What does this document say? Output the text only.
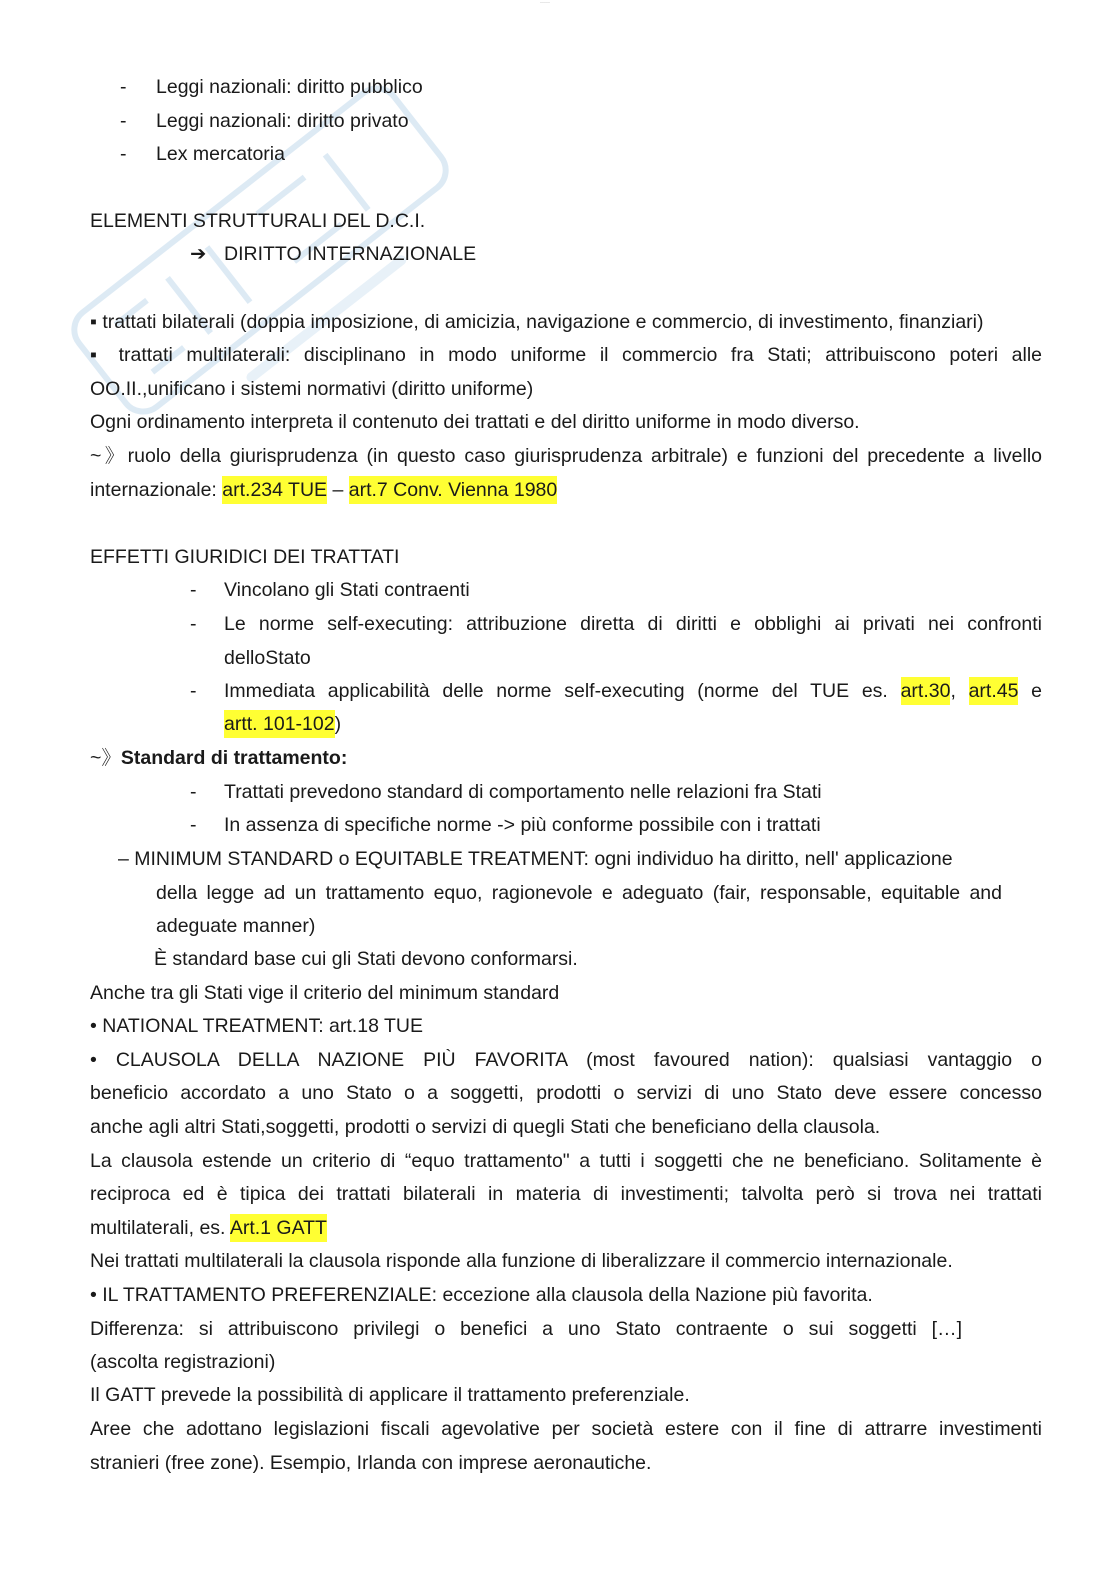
·····
- Leggi nazionali: diritto pubblico
- Leggi nazionali: diritto privato
- Lex mercatoria
ELEMENTI STRUTTURALI DEL D.C.I.
➔ DIRITTO INTERNAZIONALE
▪ trattati bilaterali (doppia imposizione, di amicizia, navigazione e commercio, di investimento, finanziari)
▪ trattati multilaterali: disciplinano in modo uniforme il commercio fra Stati; attribuiscono poteri alle
OO.II.,unificano i sistemi normativi (diritto uniforme)
Ogni ordinamento interpreta il contenuto dei trattati e del diritto uniforme in modo diverso.
~》ruolo della giurisprudenza (in questo caso giurisprudenza arbitrale) e funzioni del precedente a livello
internazionale: art.234 TUE – art.7 Conv. Vienna 1980
EFFETTI GIURIDICI DEI TRATTATI
- Vincolano gli Stati contraenti
- Le norme self-executing: attribuzione diretta di diritti e obblighi ai privati nei confronti
delloStato
- Immediata applicabilità delle norme self-executing (norme del TUE es. art.30, art.45 e
artt. 101-102)
~》Standard di trattamento:
- Trattati prevedono standard di comportamento nelle relazioni fra Stati
- In assenza di specifiche norme -> più conforme possibile con i trattati
– MINIMUM STANDARD o EQUITABLE TREATMENT: ogni individuo ha diritto, nell' applicazione
della legge ad un trattamento equo, ragionevole e adeguato (fair, responsable, equitable and
adeguate manner)
È standard base cui gli Stati devono conformarsi.
Anche tra gli Stati vige il criterio del minimum standard
• NATIONAL TREATMENT: art.18 TUE
• CLAUSOLA DELLA NAZIONE PIÙ FAVORITA (most favoured nation): qualsiasi vantaggio o
beneficio accordato a uno Stato o a soggetti, prodotti o servizi di uno Stato deve essere concesso
anche agli altri Stati,soggetti, prodotti o servizi di quegli Stati che beneficiano della clausola.
La clausola estende un criterio di “equo trattamento" a tutti i soggetti che ne beneficiano. Solitamente è
reciproca ed è tipica dei trattati bilaterali in materia di investimenti; talvolta però si trova nei trattati
multilaterali, es. Art.1 GATT
Nei trattati multilaterali la clausola risponde alla funzione di liberalizzare il commercio internazionale.
• IL TRATTAMENTO PREFERENZIALE: eccezione alla clausola della Nazione più favorita.
Differenza: si attribuiscono privilegi o benefici a uno Stato contraente o sui soggetti […]
(ascolta registrazioni)
Il GATT prevede la possibilità di applicare il trattamento preferenziale.
Aree che adottano legislazioni fiscali agevolative per società estere con il fine di attrarre investimenti
stranieri (free zone). Esempio, Irlanda con imprese aeronautiche.
